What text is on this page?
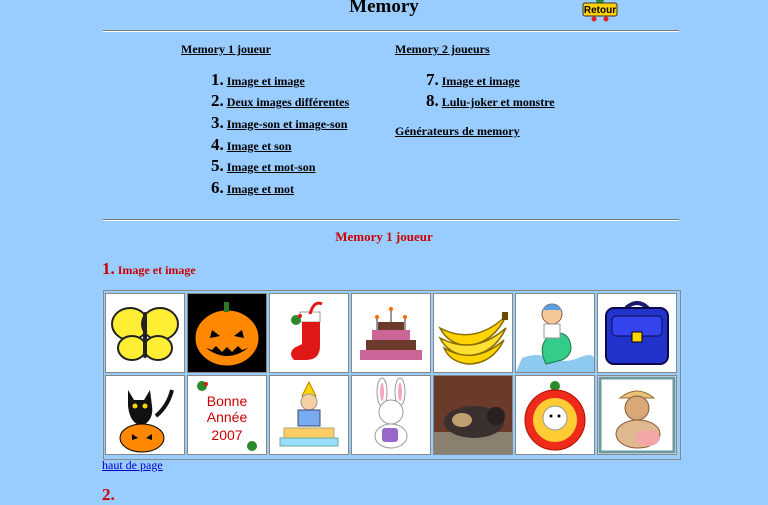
Memory	Retour
Memory 1 joueur
1. Image et image
2. Deux images différentes
3. Image-son et image-son
4. Image et son
5. Image et mot-son
6. Image et mot
Memory 2 joueurs
7. Image et image
8. Lulu-joker et monstre
Générateurs de memory
Memory 1 joueur
1. Image et image
Bonne
Année
2007
haut de page
2.
